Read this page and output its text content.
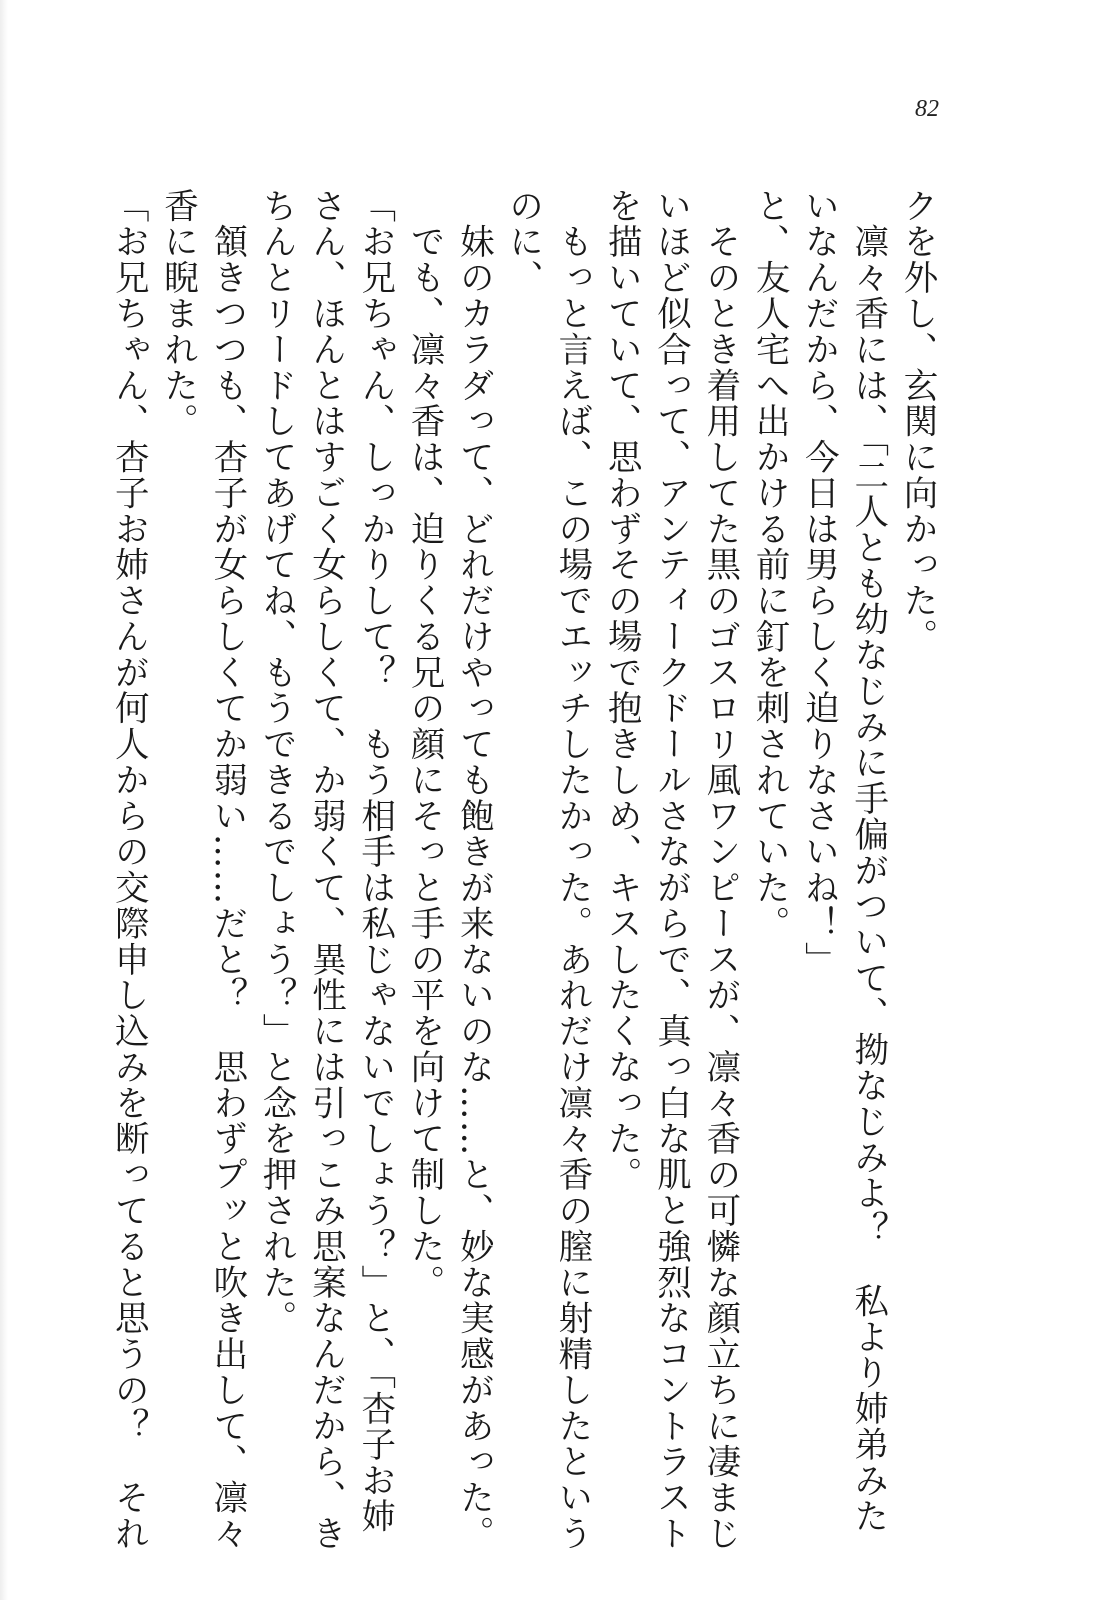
82
クを外し、玄関に向かった。
　凛々香には、「二人とも幼なじみに手偏がついて、拗なじみよ？　私より姉弟みた
いなんだから、今日は男らしく迫りなさいね！」
と、友人宅へ出かける前に釘を刺されていた。
　そのとき着用してた黒のゴスロリ風ワンピースが、凛々香の可憐な顔立ちに凄まじ
いほど似合って、アンティークドールさながらで、真っ白な肌と強烈なコントラスト
を描いていて、思わずその場で抱きしめ、キスしたくなった。
　もっと言えば、この場でエッチしたかった。あれだけ凛々香の膣に射精したという
のに、
　妹のカラダって、どれだけやっても飽きが来ないのな……と、妙な実感があった。
　でも、凛々香は、迫りくる兄の顔にそっと手の平を向けて制した。
「お兄ちゃん、しっかりして？　もう相手は私じゃないでしょう？」と、「杏子お姉
さん、ほんとはすごく女らしくて、か弱くて、異性には引っこみ思案なんだから、き
ちんとリードしてあげてね、もうできるでしょう？」と念を押された。
　頷きつつも、杏子が女らしくてか弱い……だと？　思わずプッと吹き出して、凛々
香に睨まれた。
「お兄ちゃん、杏子お姉さんが何人からの交際申し込みを断ってると思うの？　それ
